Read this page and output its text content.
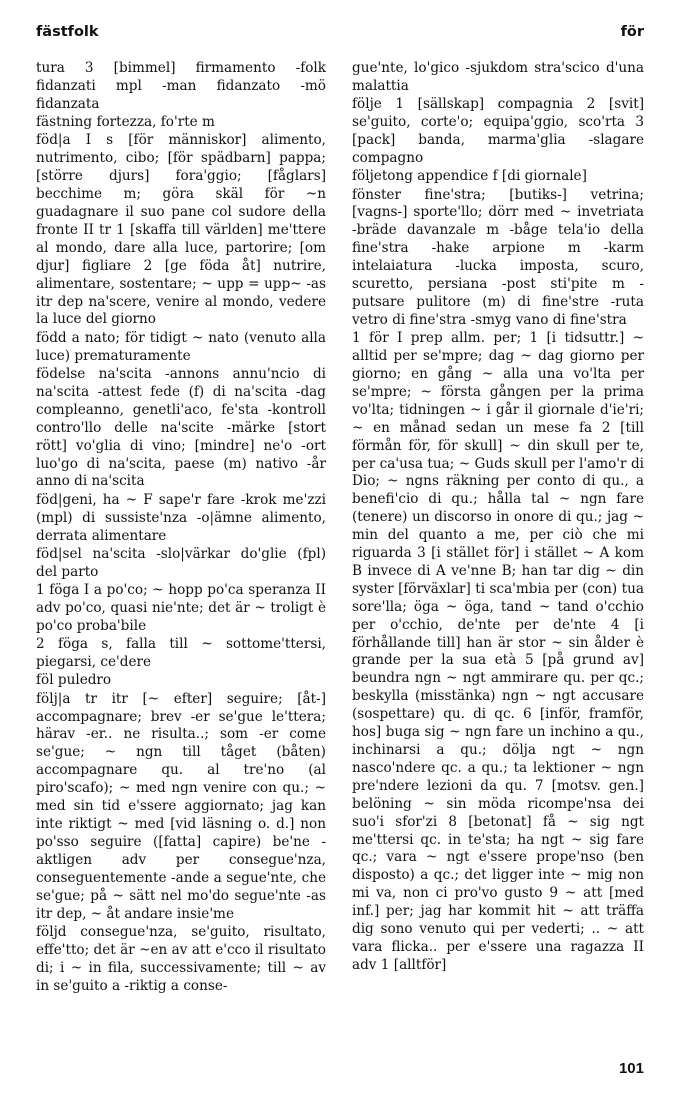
fästfolk	för

tura 3 [bimmel] firmamento -folk fidanzati mpl -man fidanzato -mö fidanzata

fästning fortezza, fo'rte m

föd|a I s [för människor] alimento, nutrimento, cibo; [för spädbarn] pappa; [större djurs] fora'ggio; [fåglars] becchime m; göra skäl för ~n guadagnare il suo pane col sudore della fronte II tr 1 [skaffa till världen] me'ttere al mondo, dare alla luce, partorire; [om djur] figliare 2 [ge föda åt] nutrire, alimentare, sostentare; ~ upp = upp~ -as itr dep na'scere, venire al mondo, vedere la luce del giorno

född a nato; för tidigt ~ nato (venuto alla luce) prematuramente

födelse na'scita -annons annu'ncio di na'scita -attest fede (f) di na'scita -dag compleanno, genetli'aco, fe'sta -kontroll contro'llo delle na'scite -märke [stort rött] vo'glia di vino; [mindre] ne'o -ort luo'go di na'scita, paese (m) nativo -år anno di na'scita

föd|geni, ha ~ F sape'r fare -krok me'zzi (mpl) di sussiste'nza -o|ämne alimento, derrata alimentare

föd|sel na'scita -slo|värkar do'glie (fpl) del parto

1 föga I a po'co; ~ hopp po'ca speranza II adv po'co, quasi nie'nte; det är ~ troligt è po'co proba'bile

2 föga s, falla till ~ sottome'ttersi, piegarsi, ce'dere

föl puledro

följ|a tr itr [~ efter] seguire; [åt-] accompagnare; brev -er se'gue le'ttera; härav -er.. ne risulta..; som -er come se'gue; ~ ngn till tåget (båten) accompagnare qu. al tre'no (al piro'scafo); ~ med ngn venire con qu.; ~ med sin tid e'ssere aggiornato; jag kan inte riktigt ~ med [vid läsning o. d.] non po'sso seguire ([fatta] capire) be'ne -aktligen adv per consegue'nza, conseguentemente -ande a segue'nte, che se'gue; på ~ sätt nel mo'do segue'nte -as itr dep, ~ åt andare insie'me

följd consegue'nza, se'guito, risultato, effe'tto; det är ~en av att e'cco il risultato di; i ~ in fila, successivamente; till ~ av in se'guito a -riktig a conse-

gue'nte, lo'gico -sjukdom stra'scico d'una malattia

följe 1 [sällskap] compagnia 2 [svit] se'guito, corte'o; equipa'ggio, sco'rta 3 [pack] banda, marma'glia -slagare compagno

följetong appendice f [di giornale]

fönster fine'stra; [butiks-] vetrina; [vagns-] sporte'llo; dörr med ~ invetriata -bräde davanzale m -båge tela'io della fine'stra -hake arpione m -karm intelaiatura -lucka imposta, scuro, scuretto, persiana -post sti'pite m -putsare pulitore (m) di fine'stre -ruta vetro di fine'stra -smyg vano di fine'stra

1 för I prep allm. per; 1 [i tidsuttr.] ~ alltid per se'mpre; dag ~ dag giorno per giorno; en gång ~ alla una vo'lta per se'mpre; ~ första gången per la prima vo'lta; tidningen ~ i går il giornale d'ie'ri; ~ en månad sedan un mese fa 2 [till förmån för, för skull] ~ din skull per te, per ca'usa tua; ~ Guds skull per l'amo'r di Dio; ~ ngns räkning per conto di qu., a benefi'cio di qu.; hålla tal ~ ngn fare (tenere) un discorso in onore di qu.; jag ~ min del quanto a me, per ciò che mi riguarda 3 [i stället för] i stället ~ A kom B invece di A ve'nne B; han tar dig ~ din syster [förväxlar] ti sca'mbia per (con) tua sore'lla; öga ~ öga, tand ~ tand o'cchio per o'cchio, de'nte per de'nte 4 [i förhållande till] han är stor ~ sin ålder è grande per la sua età 5 [på grund av] beundra ngn ~ ngt ammirare qu. per qc.; beskylla (misstänka) ngn ~ ngt accusare (sospettare) qu. di qc. 6 [inför, framför, hos] buga sig ~ ngn fare un inchino a qu., inchinarsi a qu.; dölja ngt ~ ngn nasco'ndere qc. a qu.; ta lektioner ~ ngn pre'ndere lezioni da qu. 7 [motsv. gen.] belöning ~ sin möda ricompe'nsa dei suo'i sfor'zi 8 [betonat] få ~ sig ngt me'ttersi qc. in te'sta; ha ngt ~ sig fare qc.; vara ~ ngt e'ssere prope'nso (ben disposto) a qc.; det ligger inte ~ mig non mi va, non ci pro'vo gusto 9 ~ att [med inf.] per; jag har kommit hit ~ att träffa dig sono venuto qui per vederti; .. ~ att vara flicka.. per e'ssere una ragazza II adv 1 [alltför]

101
